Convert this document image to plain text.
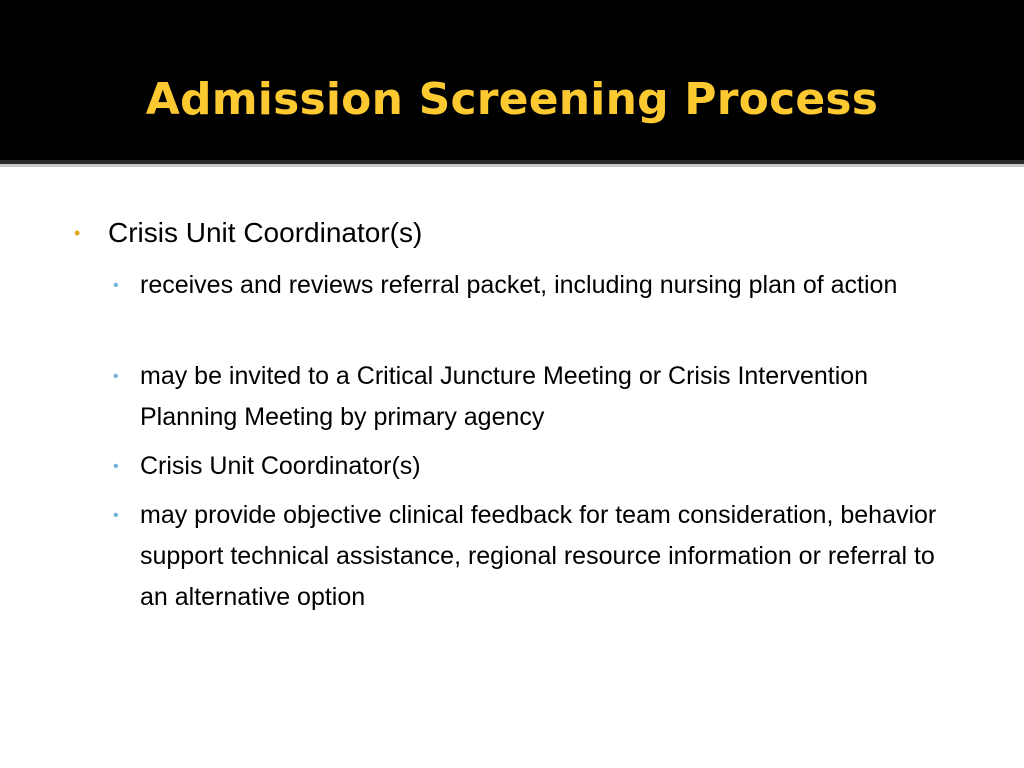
Admission Screening Process
• Crisis Unit Coordinator(s)
• receives and reviews referral packet, including nursing plan of action
• may be invited to a Critical Juncture Meeting or Crisis Intervention Planning Meeting by primary agency
• Crisis Unit Coordinator(s)
• may provide objective clinical feedback for team consideration, behavior support technical assistance, regional resource information or referral to an alternative option
